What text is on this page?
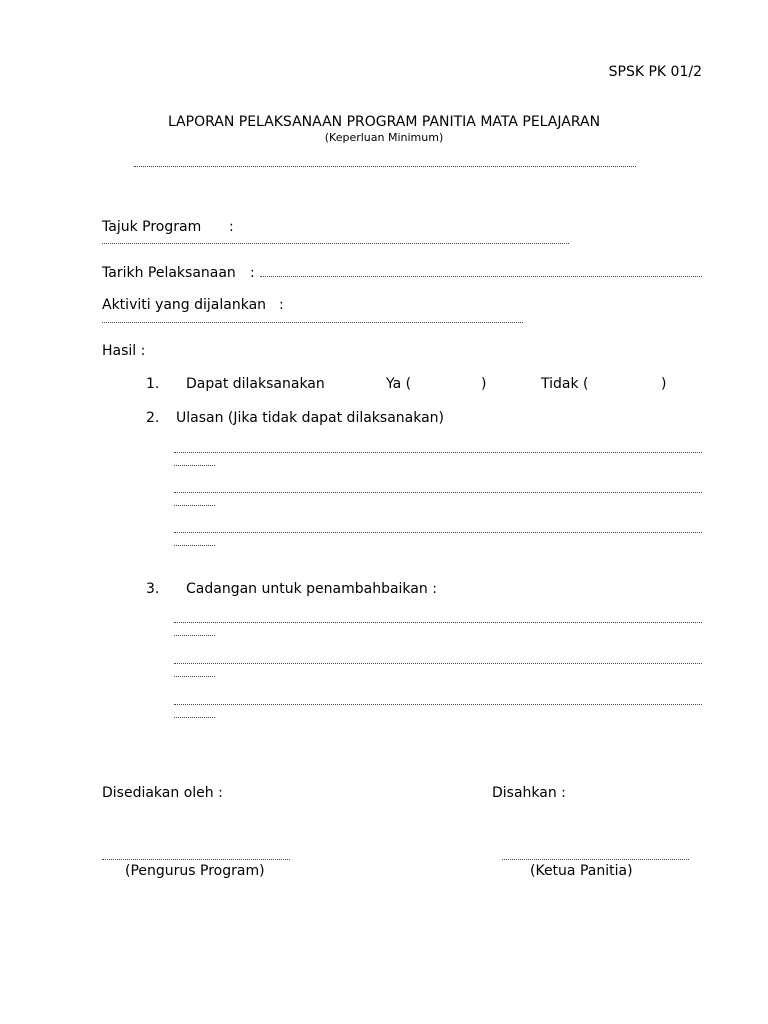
SPSK PK 01/2
LAPORAN PELAKSANAAN PROGRAM PANITIA MATA PELAJARAN
(Keperluan Minimum)
Tajuk Program :
Tarikh Pelaksanaan :
Aktiviti yang dijalankan :
Hasil :
1. Dapat dilaksanakan	Ya (	)	Tidak (	)
2. Ulasan (Jika tidak dapat dilaksanakan)
3. Cadangan untuk penambahbaikan :
Disediakan oleh :	Disahkan :
(Pengurus Program)	(Ketua Panitia)
